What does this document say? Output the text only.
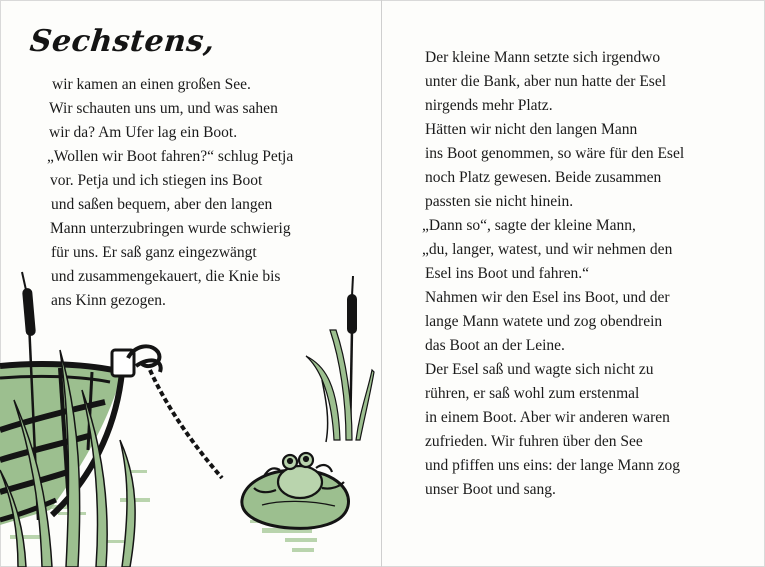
Sechstens,
wir kamen an einen großen See.
Wir schauten uns um, und was sahen
wir da? Am Ufer lag ein Boot.
„Wollen wir Boot fahren?“ schlug Petja
vor. Petja und ich stiegen ins Boot
und saßen bequem, aber den langen
Mann unterzubringen wurde schwierig
für uns. Er saß ganz eingezwängt
und zusammengekauert, die Knie bis
ans Kinn gezogen.
Der kleine Mann setzte sich irgendwo
unter die Bank, aber nun hatte der Esel
nirgends mehr Platz.
Hätten wir nicht den langen Mann
ins Boot genommen, so wäre für den Esel
noch Platz gewesen. Beide zusammen
passten sie nicht hinein.
„Dann so“, sagte der kleine Mann,
„du, langer, watest, und wir nehmen den
Esel ins Boot und fahren.“
Nahmen wir den Esel ins Boot, und der
lange Mann watete und zog obendrein
das Boot an der Leine.
Der Esel saß und wagte sich nicht zu
rühren, er saß wohl zum erstenmal
in einem Boot. Aber wir anderen waren
zufrieden. Wir fuhren über den See
und pfiffen uns eins: der lange Mann zog
unser Boot und sang.
